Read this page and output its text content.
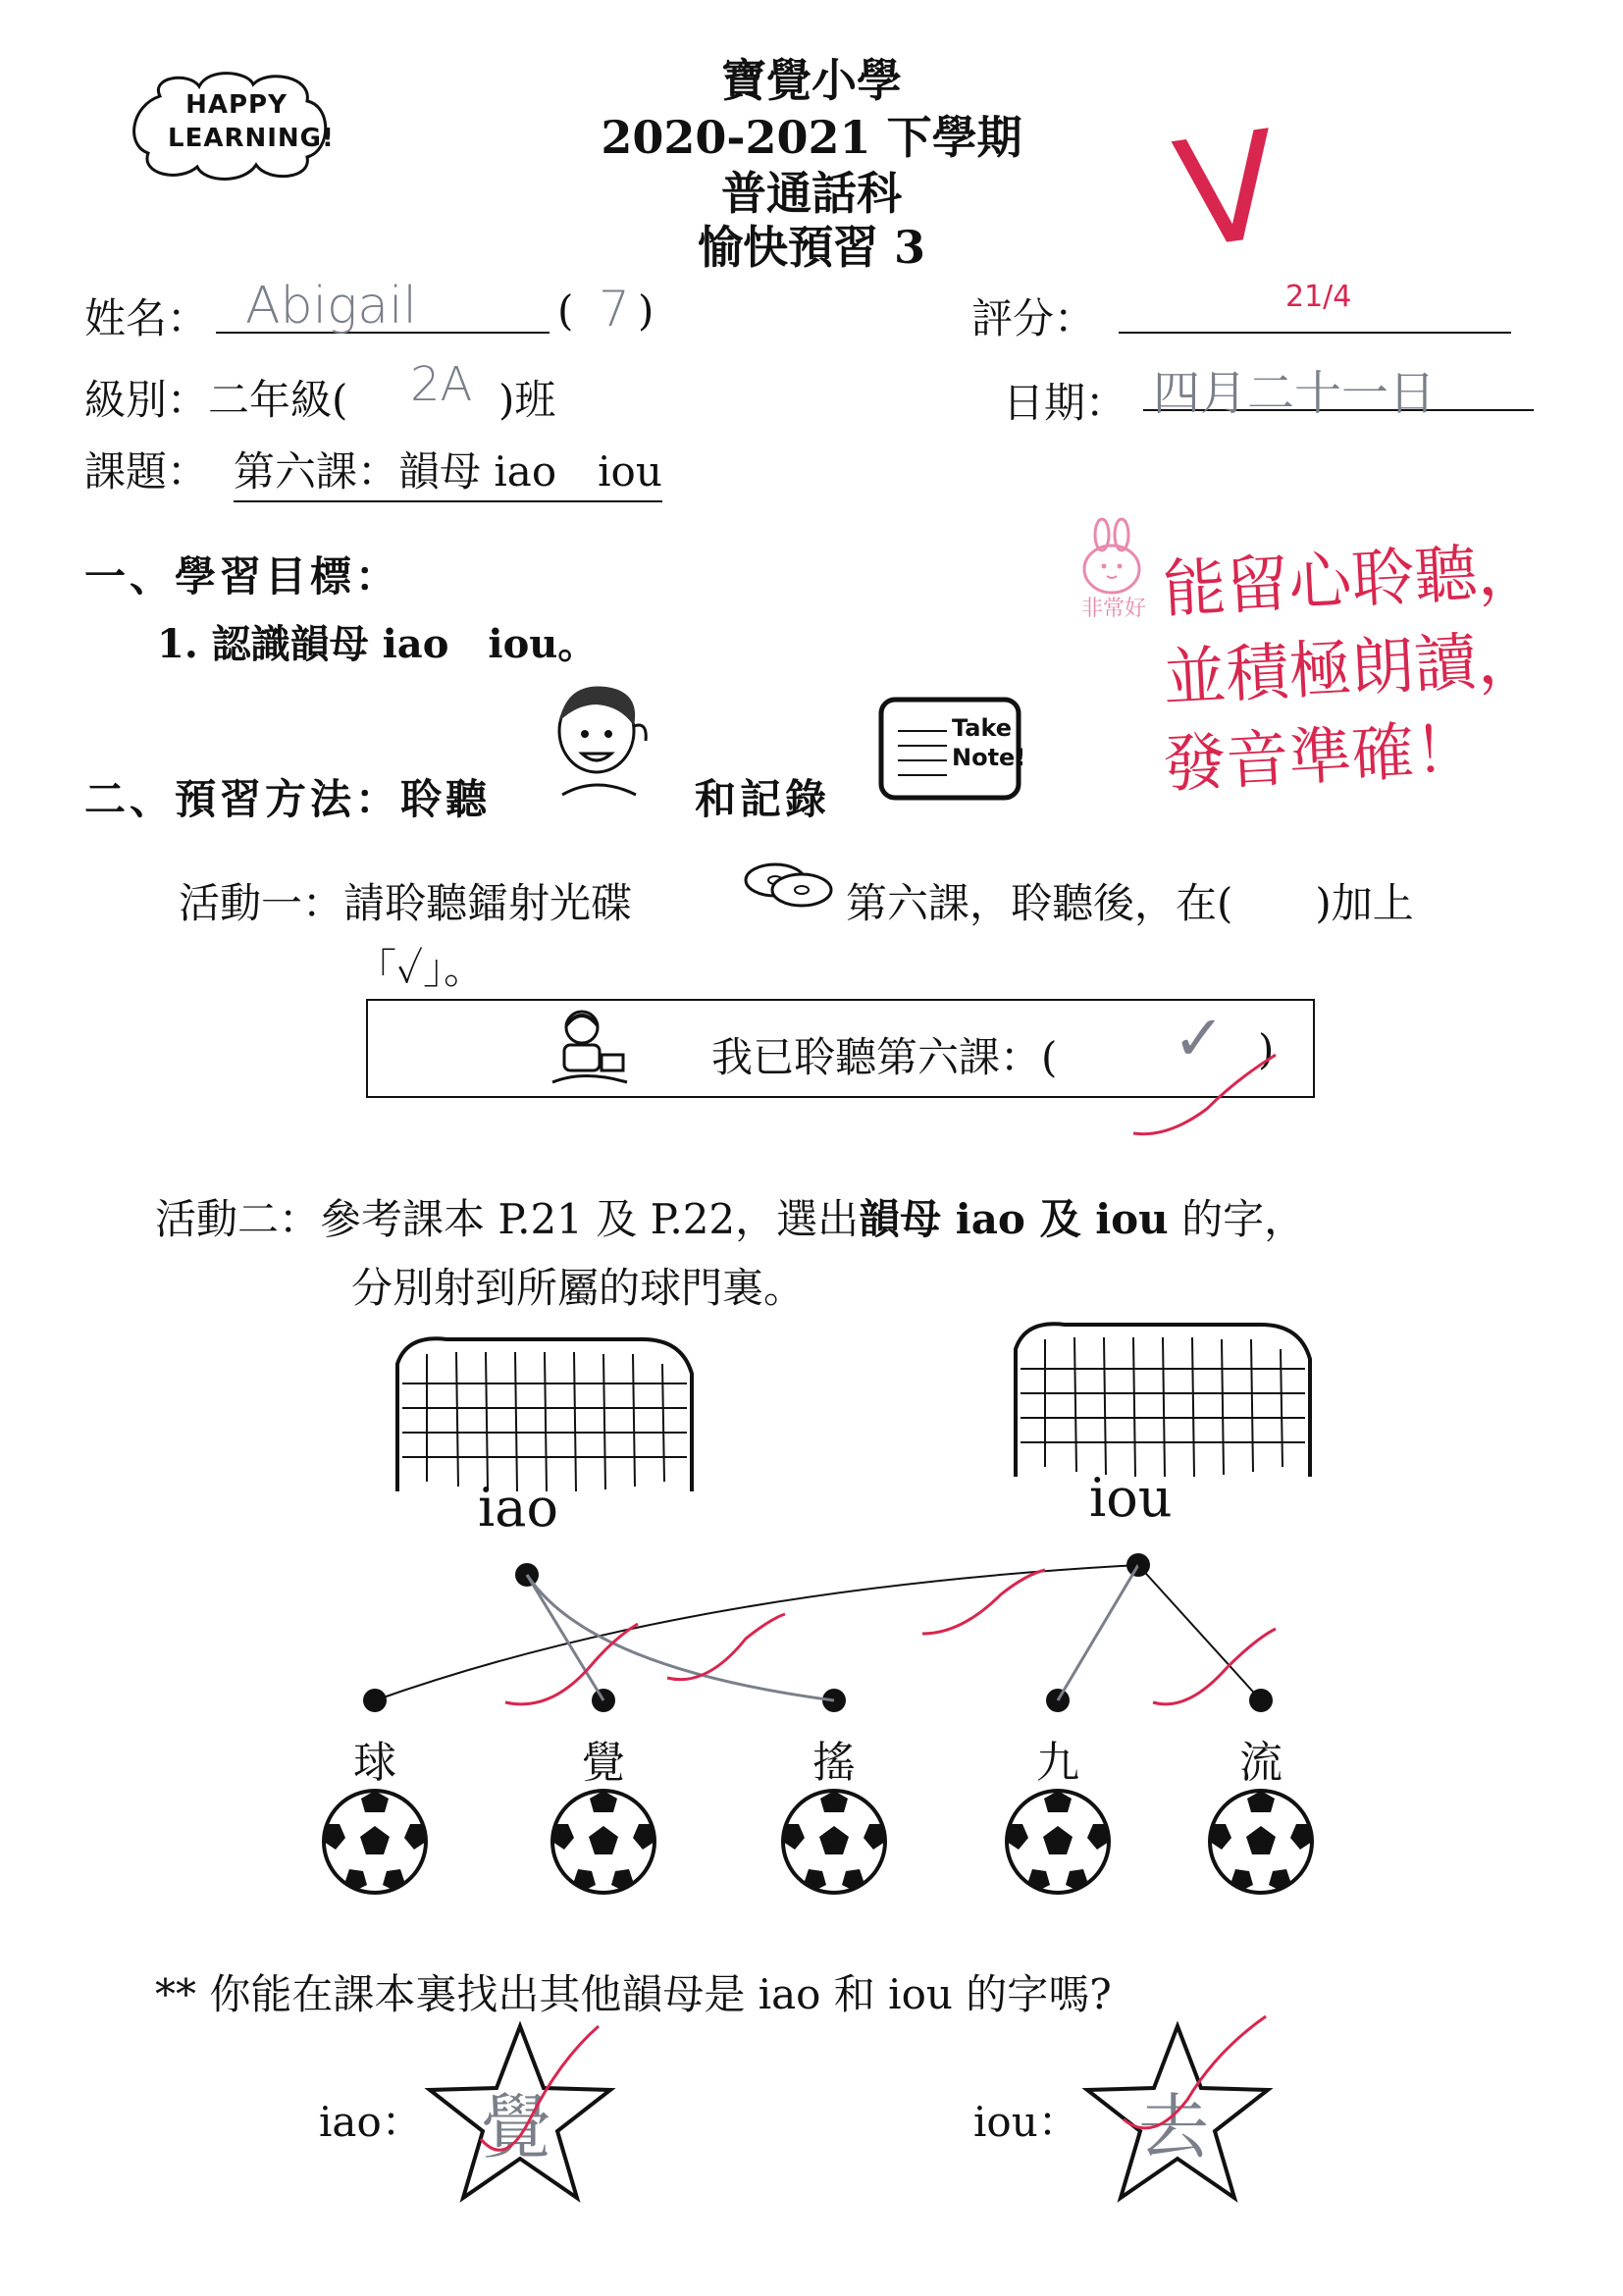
HAPPY LEARNING!
寶覺小學
2020-2021 下學期
普通話科
愉快預習 3	V
21/4
姓名： Abigail	( 7 )	評分：
級別：二年級( 2A )班	日期： 四月二十一日
課題： 第六課：韻母 iao　iou
一、學習目標：
1. 認識韻母 iao　iou。
非常好 能留心聆聽，
並積極朗讀，
發音準確！
二、預習方法：聆聽	和記錄
Take Note!
活動一：請聆聽鐳射光碟	第六課，聆聽後，在(　　)加上
「✓」。
我已聆聽第六課：( ✓ )
活動二：參考課本 P.21 及 P.22，選出韻母 iao 及 iou 的字，
分別射到所屬的球門裏。
iao	iou
球	覺	搖	九	流
** 你能在課本裏找出其他韻母是 iao 和 iou 的字嗎?
iao： 覺	iou： 去
